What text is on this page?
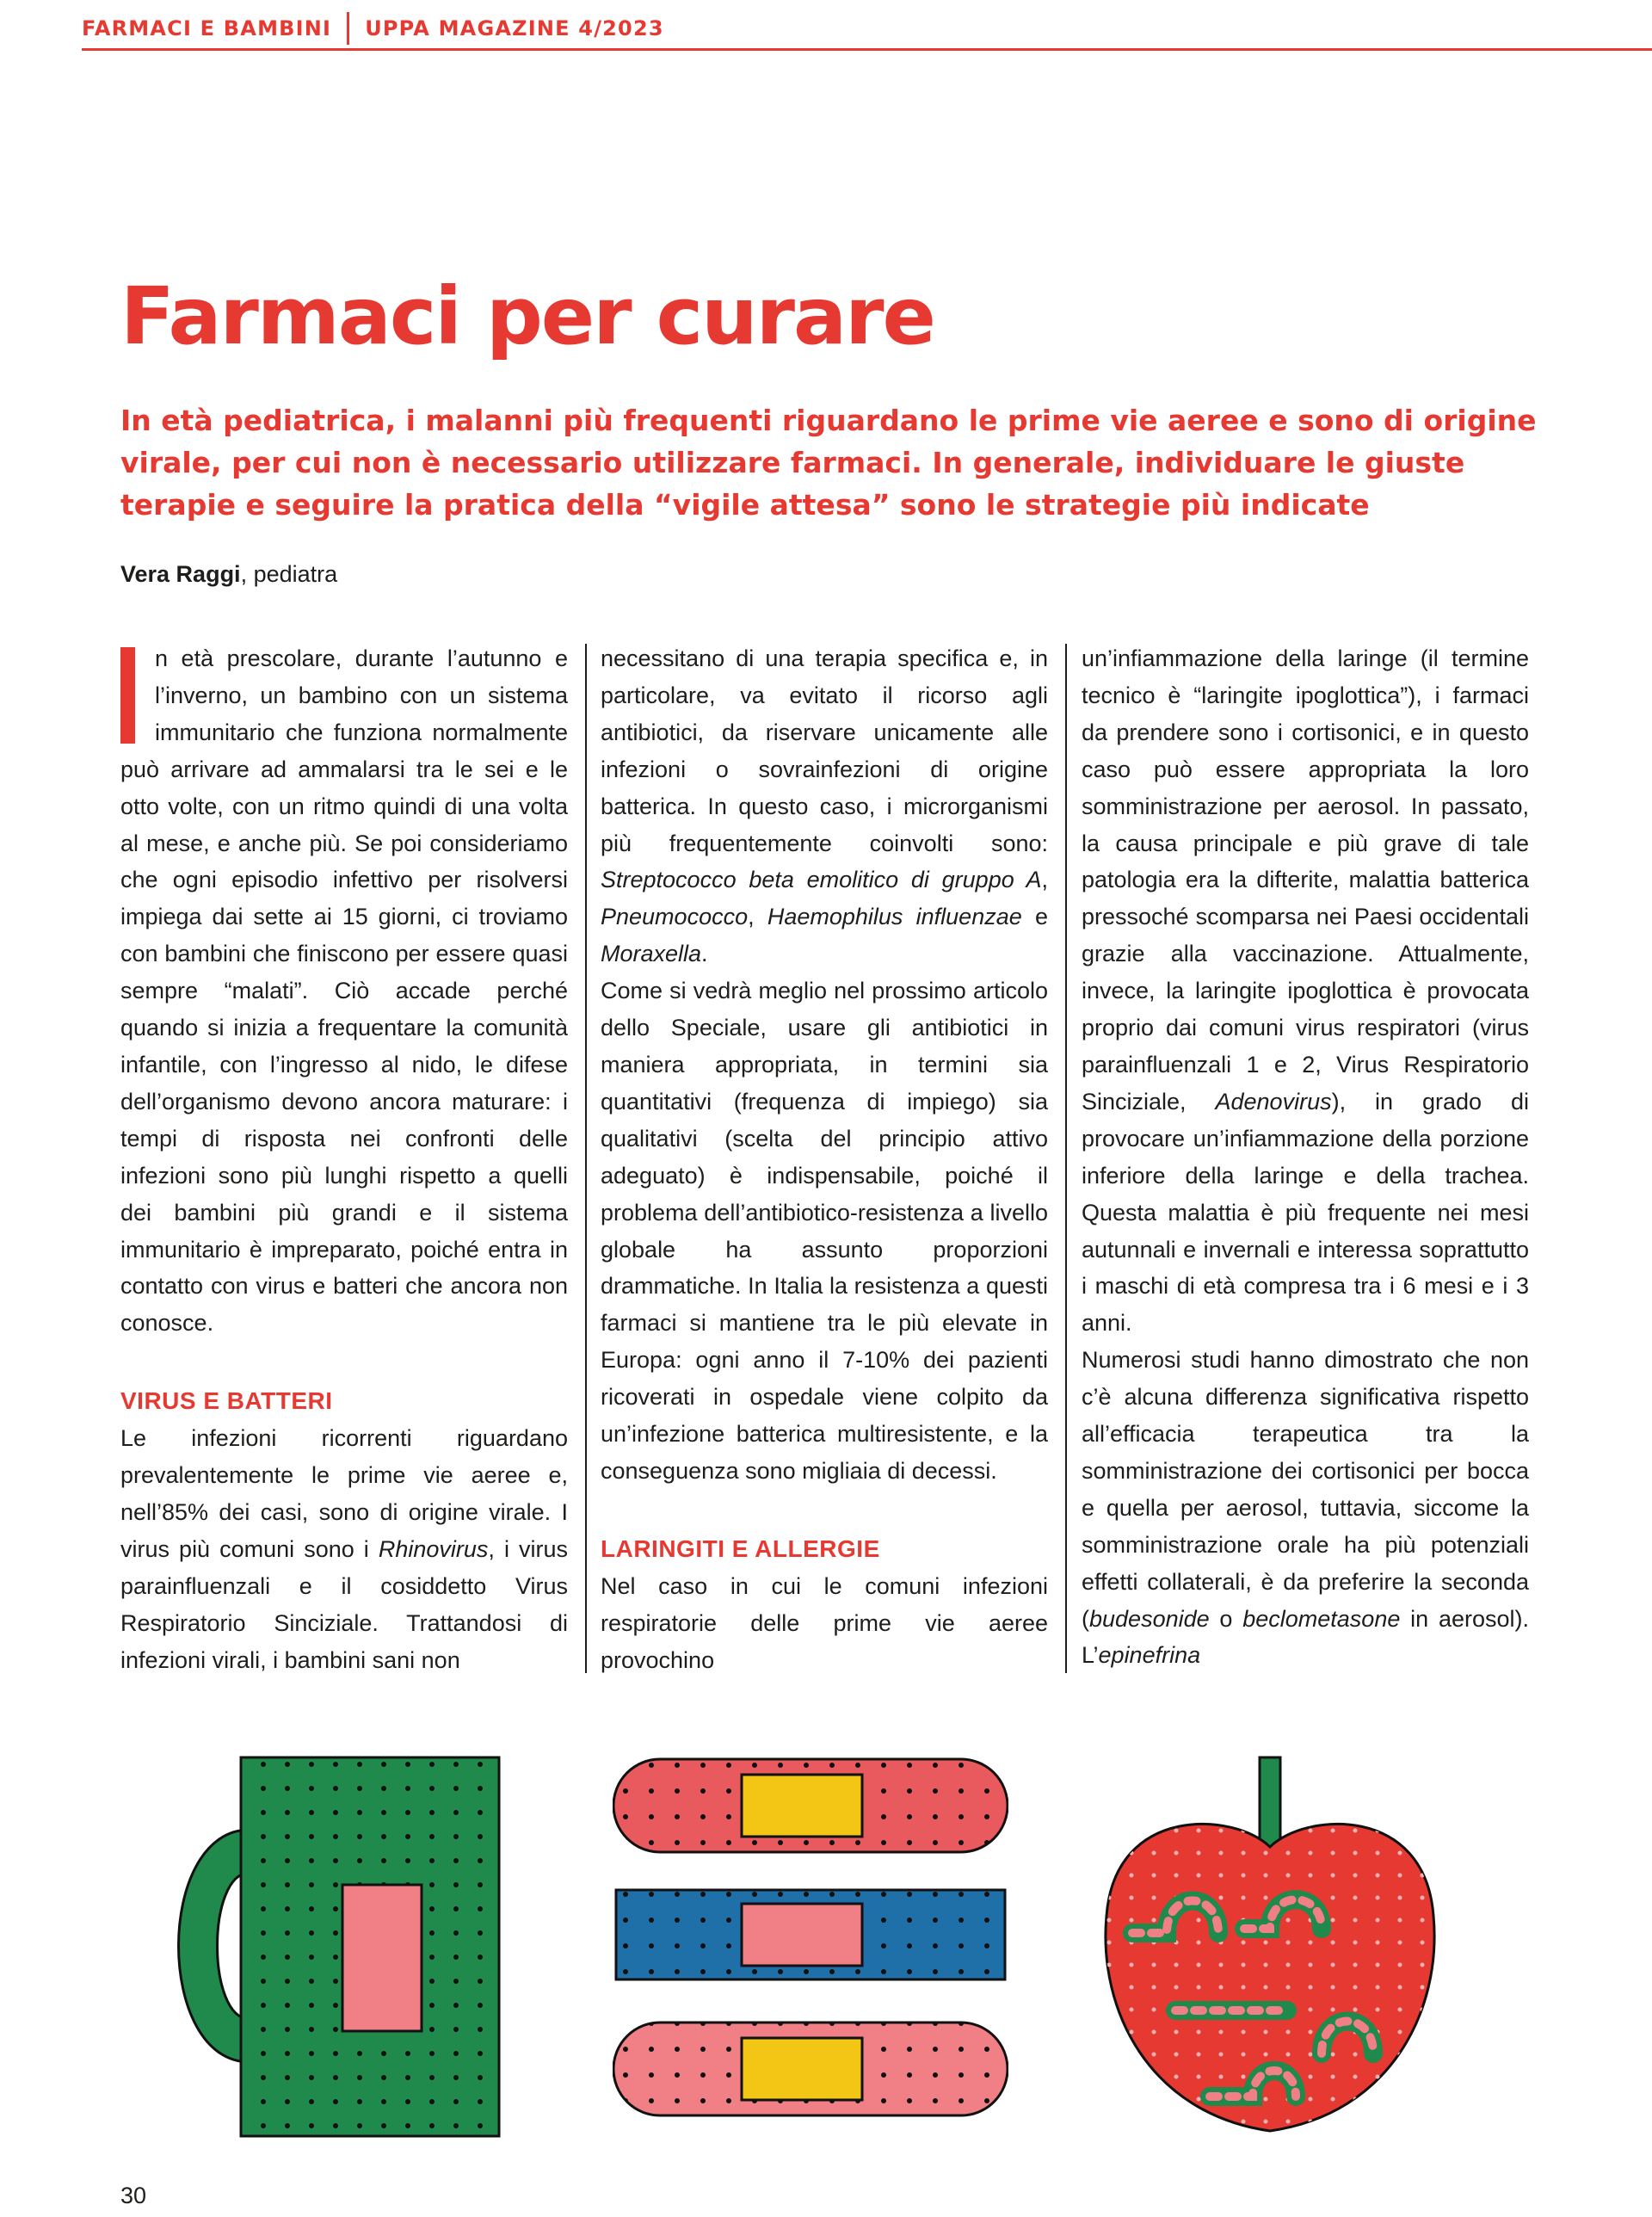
FARMACI E BAMBINI UPPA MAGAZINE 4/2023
Farmaci per curare

In età pediatrica, i malanni più frequenti riguardano le prime vie aeree e sono di origine virale, per cui non è necessario utilizzare farmaci. In generale, individuare le giuste terapie e seguire la pratica della “vigile attesa” sono le strategie più indicate

Vera Raggi, pediatra

n età prescolare, durante l’autunno e l’inverno, un bambino con un sistema immunitario che funziona normalmente può arrivare ad ammalarsi tra le sei e le otto volte, con un ritmo quindi di una volta al mese, e anche più. Se poi consideriamo che ogni episodio infettivo per risolversi impiega dai sette ai 15 giorni, ci troviamo con bambini che finiscono per essere quasi sempre “malati”. Ciò accade perché quando si inizia a frequentare la comunità infantile, con l’ingresso al nido, le difese dell’organismo devono ancora maturare: i tempi di risposta nei confronti delle infezioni sono più lunghi rispetto a quelli dei bambini più grandi e il sistema immunitario è impreparato, poiché entra in contatto con virus e batteri che ancora non conosce.

VIRUS E BATTERI

Le infezioni ricorrenti riguardano prevalentemente le prime vie aeree e, nell’85% dei casi, sono di origine virale. I virus più comuni sono i Rhinovirus, i virus parainfluenzali e il cosiddetto Virus Respiratorio Sinciziale. Trattandosi di infezioni virali, i bambini sani non

necessitano di una terapia specifica e, in particolare, va evitato il ricorso agli antibiotici, da riservare unicamente alle infezioni o sovrainfezioni di origine batterica. In questo caso, i microrganismi più frequentemente coinvolti sono: Streptococco beta emolitico di gruppo A, Pneumococco, Haemophilus influenzae e Moraxella.

Come si vedrà meglio nel prossimo articolo dello Speciale, usare gli antibiotici in maniera appropriata, in termini sia quantitativi (frequenza di impiego) sia qualitativi (scelta del principio attivo adeguato) è indispensabile, poiché il problema dell’antibiotico-resistenza a livello globale ha assunto proporzioni drammatiche. In Italia la resistenza a questi farmaci si mantiene tra le più elevate in Europa: ogni anno il 7-10% dei pazienti ricoverati in ospedale viene colpito da un’infezione batterica multiresistente, e la conseguenza sono migliaia di decessi.

LARINGITI E ALLERGIE

Nel caso in cui le comuni infezioni respiratorie delle prime vie aeree provochino

un’infiammazione della laringe (il termine tecnico è “laringite ipoglottica”), i farmaci da prendere sono i cortisonici, e in questo caso può essere appropriata la loro somministrazione per aerosol. In passato, la causa principale e più grave di tale patologia era la difterite, malattia batterica pressoché scomparsa nei Paesi occidentali grazie alla vaccinazione. Attualmente, invece, la laringite ipoglottica è provocata proprio dai comuni virus respiratori (virus parainfluenzali 1 e 2, Virus Respiratorio Sinciziale, Adenovirus), in grado di provocare un’infiammazione della porzione inferiore della laringe e della trachea. Questa malattia è più frequente nei mesi autunnali e invernali e interessa soprattutto i maschi di età compresa tra i 6 mesi e i 3 anni.

Numerosi studi hanno dimostrato che non c’è alcuna differenza significativa rispetto all’efficacia terapeutica tra la somministrazione dei cortisonici per bocca e quella per aerosol, tuttavia, siccome la somministrazione orale ha più potenziali effetti collaterali, è da preferire la seconda (budesonide o beclometasone in aerosol). L’epinefrina

30
